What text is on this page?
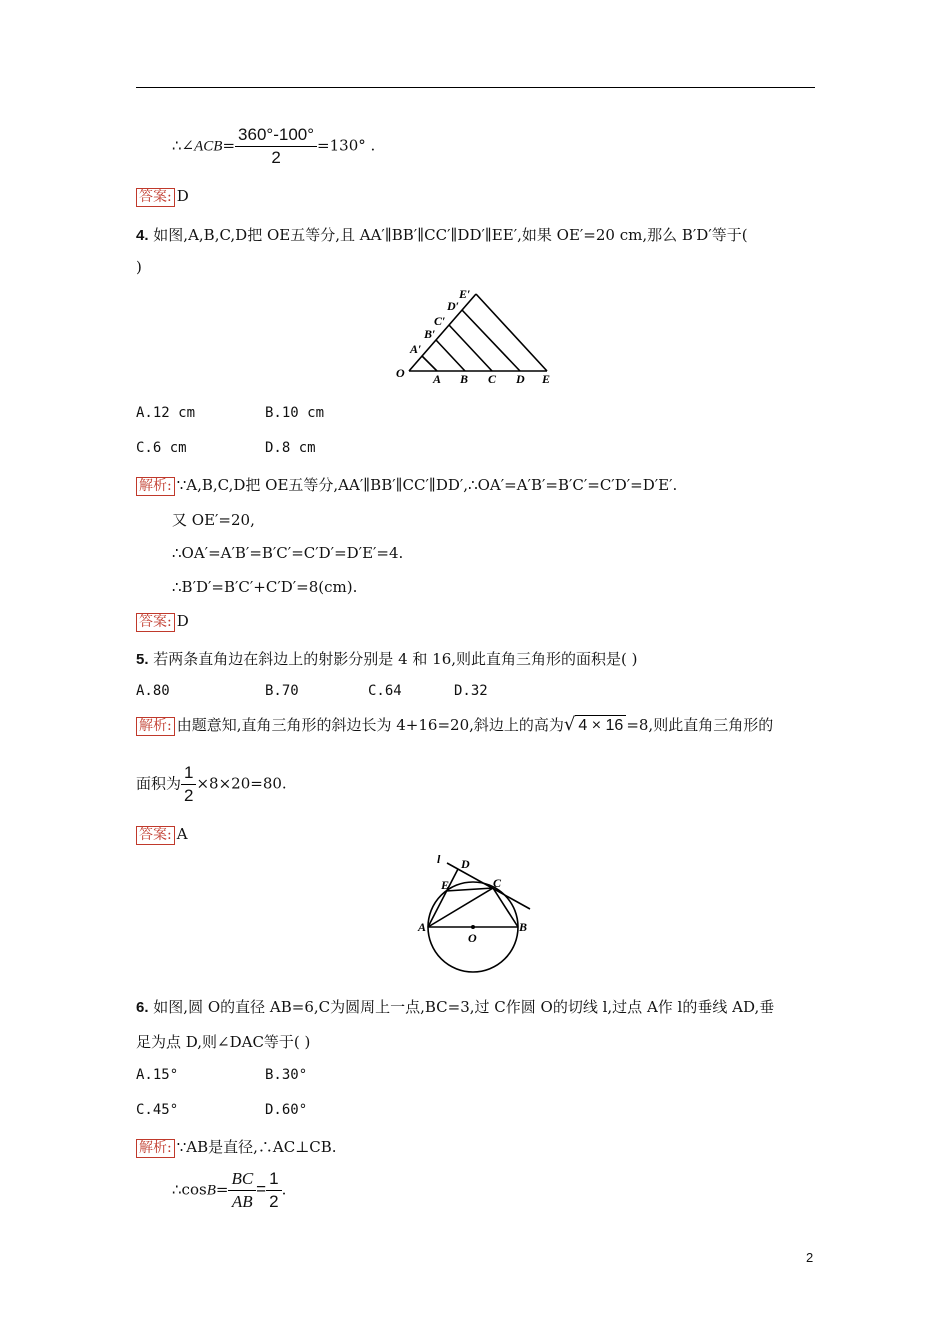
∴∠ACB= $\frac{360^\circ-100^\circ}{2} =130^\circ$ .
答案: D
4. 如图,A,B,C,D把 OE五等分,且 AA′∥BB′∥CC′∥DD′∥EE′,如果 OE′=20 cm,那么 B′D′等于(
)
O A B C D E
A′
B′
C′
D′
E′
A.12 cm	B.10 cm
C.6 cm	D.8 cm
解析: ∵A,B,C,D把 OE五等分,AA′∥BB′∥CC′∥DD′,∴OA′=A′B′=B′C′=C′D′=D′E′.
又 OE′=20,
∴OA′=A′B′=B′C′=C′D′=D′E′=4.
∴B′D′=B′C′+C′D′=8(cm).
答案: D
5. 若两条直角边在斜边上的射影分别是 4 和 16,则此直角三角形的面积是( )
A.80	B.70	C.64	D.32
解析: 由题意知,直角三角形的斜边长为 4+16=20,斜边上的高为√ 4 × 16 =8,则此直角三角形的
面积为 $\frac{1}{2} \times 8\times 20=80$.
答案: A
l D
E	C
A
O
B
6. 如图,圆 O的直径 AB=6,C为圆周上一点,BC=3,过 C作圆 O的切线 l,过点 A作 l的垂线 AD,垂
足为点 D,则∠DAC等于( )
A.15°	B.30°
C.45°	D.60°
解析: ∵AB是直径,∴AC⊥CB.
∴cosB= $\frac{BC}{AB} = \frac{1}{2}$ .
2
